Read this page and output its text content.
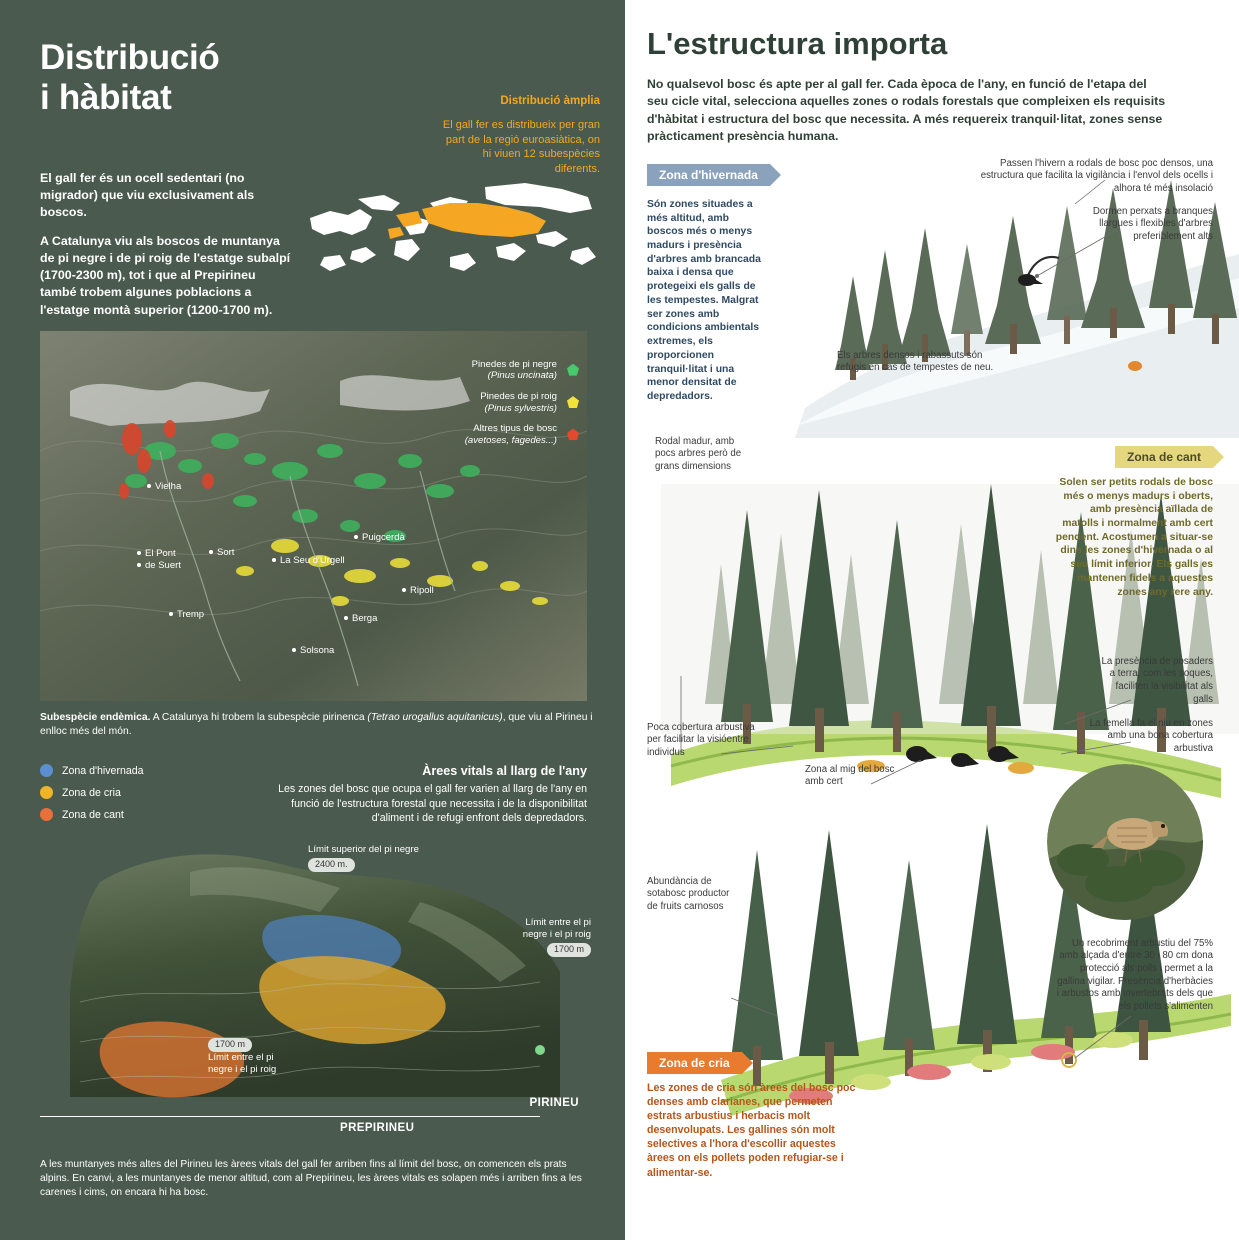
Distribució
i hàbitat

El gall fer és un ocell sedentari (no migrador) que viu exclusivament als boscos.

A Catalunya viu als boscos de muntanya de pi negre i de pi roig de l'estatge subalpí (1700-2300 m), tot i que al Prepirineu també trobem algunes poblacions a l'estatge montà superior (1200-1700 m).

Distribució àmplia

El gall fer es distribueix per gran part de la regió euroasiàtica, on hi viuen 12 subespècies diferents.

Pinedes de pi negre
(Pinus uncinata)
Pinedes de pi roig
(Pinus sylvestris)
Altres tipus de bosc
(avetoses, fagedes...)
Vielha
Puigcerdà
Sort
La Seu d'Urgell
El Pont
de Suert
Ripoll
Tremp	Berga
Solsona

Subespècie endèmica. A Catalunya hi trobem la subespècie pirinenca (Tetrao urogallus aquitanicus), que viu al Pirineu i enlloc més del món.

Zona d'hivernada
Zona de cria
Zona de cant
Àrees vitals al llarg de l'any

Les zones del bosc que ocupa el gall fer varien al llarg de l'any en funció de l'estructura forestal que necessita i de la disponibilitat d'aliment i de refugi enfront dels depredadors.

Límit superior del pi negre
2400 m.
Límit entre el pi
negre i el pi roig
1700 m
1700 m
Límit entre el pi
negre i el pi roig
PIRINEU
PREPIRINEU

A les muntanyes més altes del Pirineu les àrees vitals del gall fer arriben fins al límit del bosc, on comencen els prats alpins. En canvi, a les muntanyes de menor altitud, com al Prepirineu, les àrees vitals es solapen més i arriben fins a les carenes i cims, on encara hi ha bosc.

L'estructura importa

No qualsevol bosc és apte per al gall fer. Cada època de l'any, en funció de l'etapa del seu cicle vital, selecciona aquelles zones o rodals forestals que compleixen els requisits d'hàbitat i estructura del bosc que necessita. A més requereix tranquil·litat, zones sense pràcticament presència humana.

Zona d'hivernada
Són zones situades a més altitud, amb boscos més o menys madurs i presència d'arbres amb brancada baixa i densa que protegeixi els galls de les tempestes. Malgrat ser zones amb condicions ambientals extremes, els proporcionen tranquil·litat i una menor densitat de depredadors.
Passen l'hivern a rodals de bosc poc densos, una estructura que facilita la vigilància i l'envol dels ocells i alhora té més insolació
Dormen perxats a branques llargues i flexibles d'arbres preferiblement alts
Els arbres densos i rabassuts són refugis en cas de tempestes de neu.
Zona de cant
Solen ser petits rodals de bosc més o menys madurs i oberts, amb presència aïllada de matolls i normalment amb cert pendent. Acostumen a situar-se dins les zones d'hivernada o al seu límit inferior. Els galls es mantenen fidels a aquestes zones any rere any.
Rodal madur, amb pocs arbres però de grans dimensions
La presència de posaders a terra, com les soques, faciliten la visibilitat als galls
La femella fa el niu en zones amb una bona cobertura arbustiva
Poca cobertura arbustiva per facilitar la visióentre individus
Zona al mig del bosc amb cert
Zona de cria
Les zones de cria són àrees del bosc poc denses amb clarianes, que permeten estrats arbustius i herbacis molt desenvolupats. Les gallines són molt selectives a l'hora d'escollir aquestes àrees on els pollets poden refugiar-se i alimentar-se.
Abundància de sotabosc productor de fruits carnosos
Un recobriment arbustiu del 75% amb alçada d'entre 30 i 80 cm dona protecció als polls i permet a la gallina vigilar. Presència d'herbàcies i arbustos amb invertebrats dels que els pollets s'alimenten
